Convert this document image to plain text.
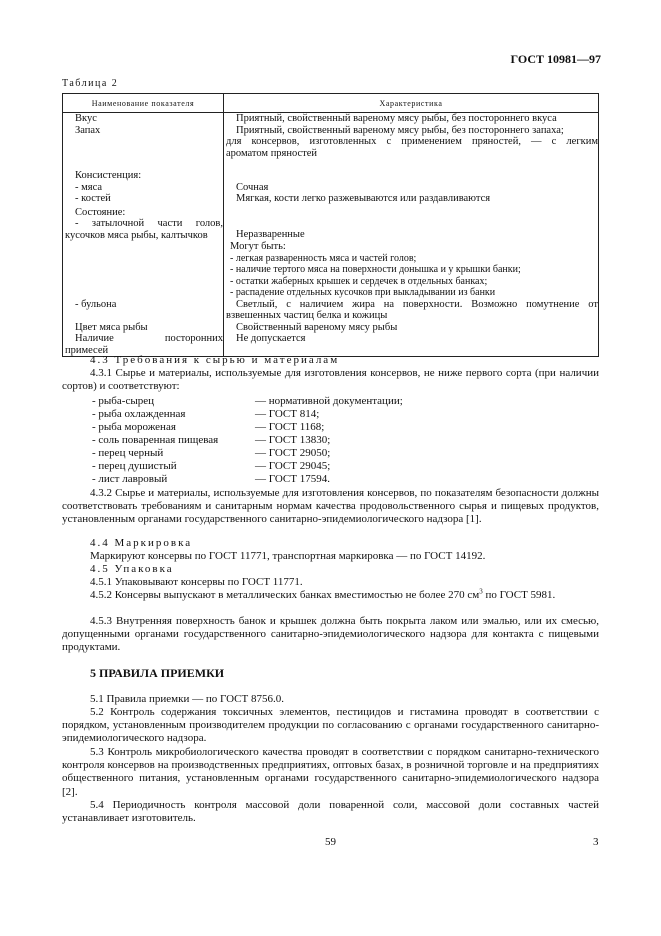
ГОСТ 10981—97
Таблица 2
Наименование показателя	Характеристика

Вкус	Приятный, свойственный вареному мясу рыбы, без постороннего вкуса

Запах	Приятный, свойственный вареному мясу рыбы, без постороннего запаха;
для консервов, изготовленных с применением пряностей, — с легким
ароматом пряностей

Консистенция:	

- мяса	Сочная

- костей	Мягкая, кости легко разжевываются или раздавливаются

Состояние:	

- затылочной части голов,
кусочков мяса рыбы, калтычков	Неразваренные

	Могут быть:
- легкая разваренность мяса и частей голов;
- наличие тертого мяса на поверхности донышка и у крышки банки;
- остатки жаберных крышек и сердечек в отдельных банках;
- распадение отдельных кусочков при выкладывании из банки

- бульона	Светлый, с наличием жира на поверхности. Возможно помутнение от
взвешенных частиц белка и кожицы

Цвет мяса рыбы	Свойственный вареному мясу рыбы

Наличие посторонних
примесей	Не допускается
4.3 Требования к сырью и материалам
4.3.1 Сырье и материалы, используемые для изготовления консервов, не ниже первого сорта (при наличии сортов) и соответствуют:
- рыба-сырец	— нормативной документации;
- рыба охлажденная	— ГОСТ 814;
- рыба мороженая	— ГОСТ 1168;
- соль поваренная пищевая	— ГОСТ 13830;
- перец черный	— ГОСТ 29050;
- перец душистый	— ГОСТ 29045;
- лист лавровый	— ГОСТ 17594.
4.3.2 Сырье и материалы, используемые для изготовления консервов, по показателям безопасности должны соответствовать требованиям и санитарным нормам качества продовольственного сырья и пищевых продуктов, установленным органами государственного санитарно-эпидемиологического надзора [1].
4.4 Маркировка
Маркируют консервы по ГОСТ 11771, транспортная маркировка — по ГОСТ 14192.
4.5 Упаковка
4.5.1 Упаковывают консервы по ГОСТ 11771.
4.5.2 Консервы выпускают в металлических банках вместимостью не более 270 $см^3$ по ГОСТ 5981.
4.5.3 Внутренняя поверхность банок и крышек должна быть покрыта лаком или эмалью, или их смесью, допущенными органами государственного санитарно-эпидемиологического надзора для контакта с пищевыми продуктами.
5 ПРАВИЛА ПРИЕМКИ
5.1 Правила приемки — по ГОСТ 8756.0.
5.2 Контроль содержания токсичных элементов, пестицидов и гистамина проводят в соответствии с порядком, установленным производителем продукции по согласованию с органами государственного санитарно-эпидемиологического надзора.
5.3 Контроль микробиологического качества проводят в соответствии с порядком санитарно-технического контроля консервов на производственных предприятиях, оптовых базах, в розничной торговле и на предприятиях общественного питания, установленным органами государственного санитарно-эпидемиологического надзора [2].
5.4 Периодичность контроля массовой доли поваренной соли, массовой доли составных частей устанавливает изготовитель.
59	3
